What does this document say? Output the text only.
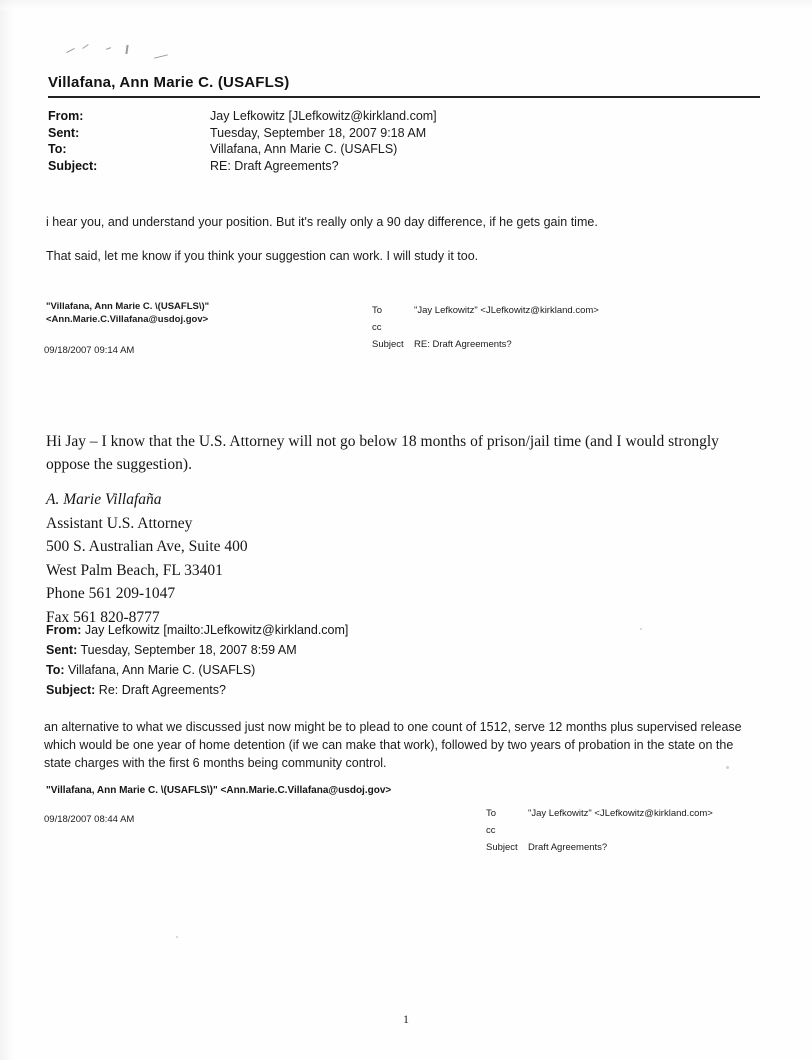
Villafana, Ann Marie C. (USAFLS)
From:	Jay Lefkowitz [JLefkowitz@kirkland.com]
Sent:	Tuesday, September 18, 2007 9:18 AM
To:	Villafana, Ann Marie C. (USAFLS)
Subject:	RE: Draft Agreements?
i hear you, and understand your position. But it's really only a 90 day difference, if he gets gain time.
That said, let me know if you think your suggestion can work. I will study it too.
"Villafana, Ann Marie C. \(USAFLS\)"
<Ann.Marie.C.Villafana@usdoj.gov>
09/18/2007 09:14 AM
To	"Jay Lefkowitz" <JLefkowitz@kirkland.com>
cc
Subject RE: Draft Agreements?
Hi Jay – I know that the U.S. Attorney will not go below 18 months of prison/jail time (and I would strongly oppose the suggestion).
A. Marie Villafaña
Assistant U.S. Attorney
500 S. Australian Ave, Suite 400
West Palm Beach, FL 33401
Phone 561 209-1047
Fax 561 820-8777
From: Jay Lefkowitz [mailto:JLefkowitz@kirkland.com]
Sent: Tuesday, September 18, 2007 8:59 AM
To: Villafana, Ann Marie C. (USAFLS)
Subject: Re: Draft Agreements?
an alternative to what we discussed just now might be to plead to one count of 1512, serve 12 months plus supervised release which would be one year of home detention (if we can make that work), followed by two years of probation in the state on the state charges with the first 6 months being community control.
"Villafana, Ann Marie C. \(USAFLS\)" <Ann.Marie.C.Villafana@usdoj.gov>
09/18/2007 08:44 AM
To	"Jay Lefkowitz" <JLefkowitz@kirkland.com>
cc
Subject Draft Agreements?
1
